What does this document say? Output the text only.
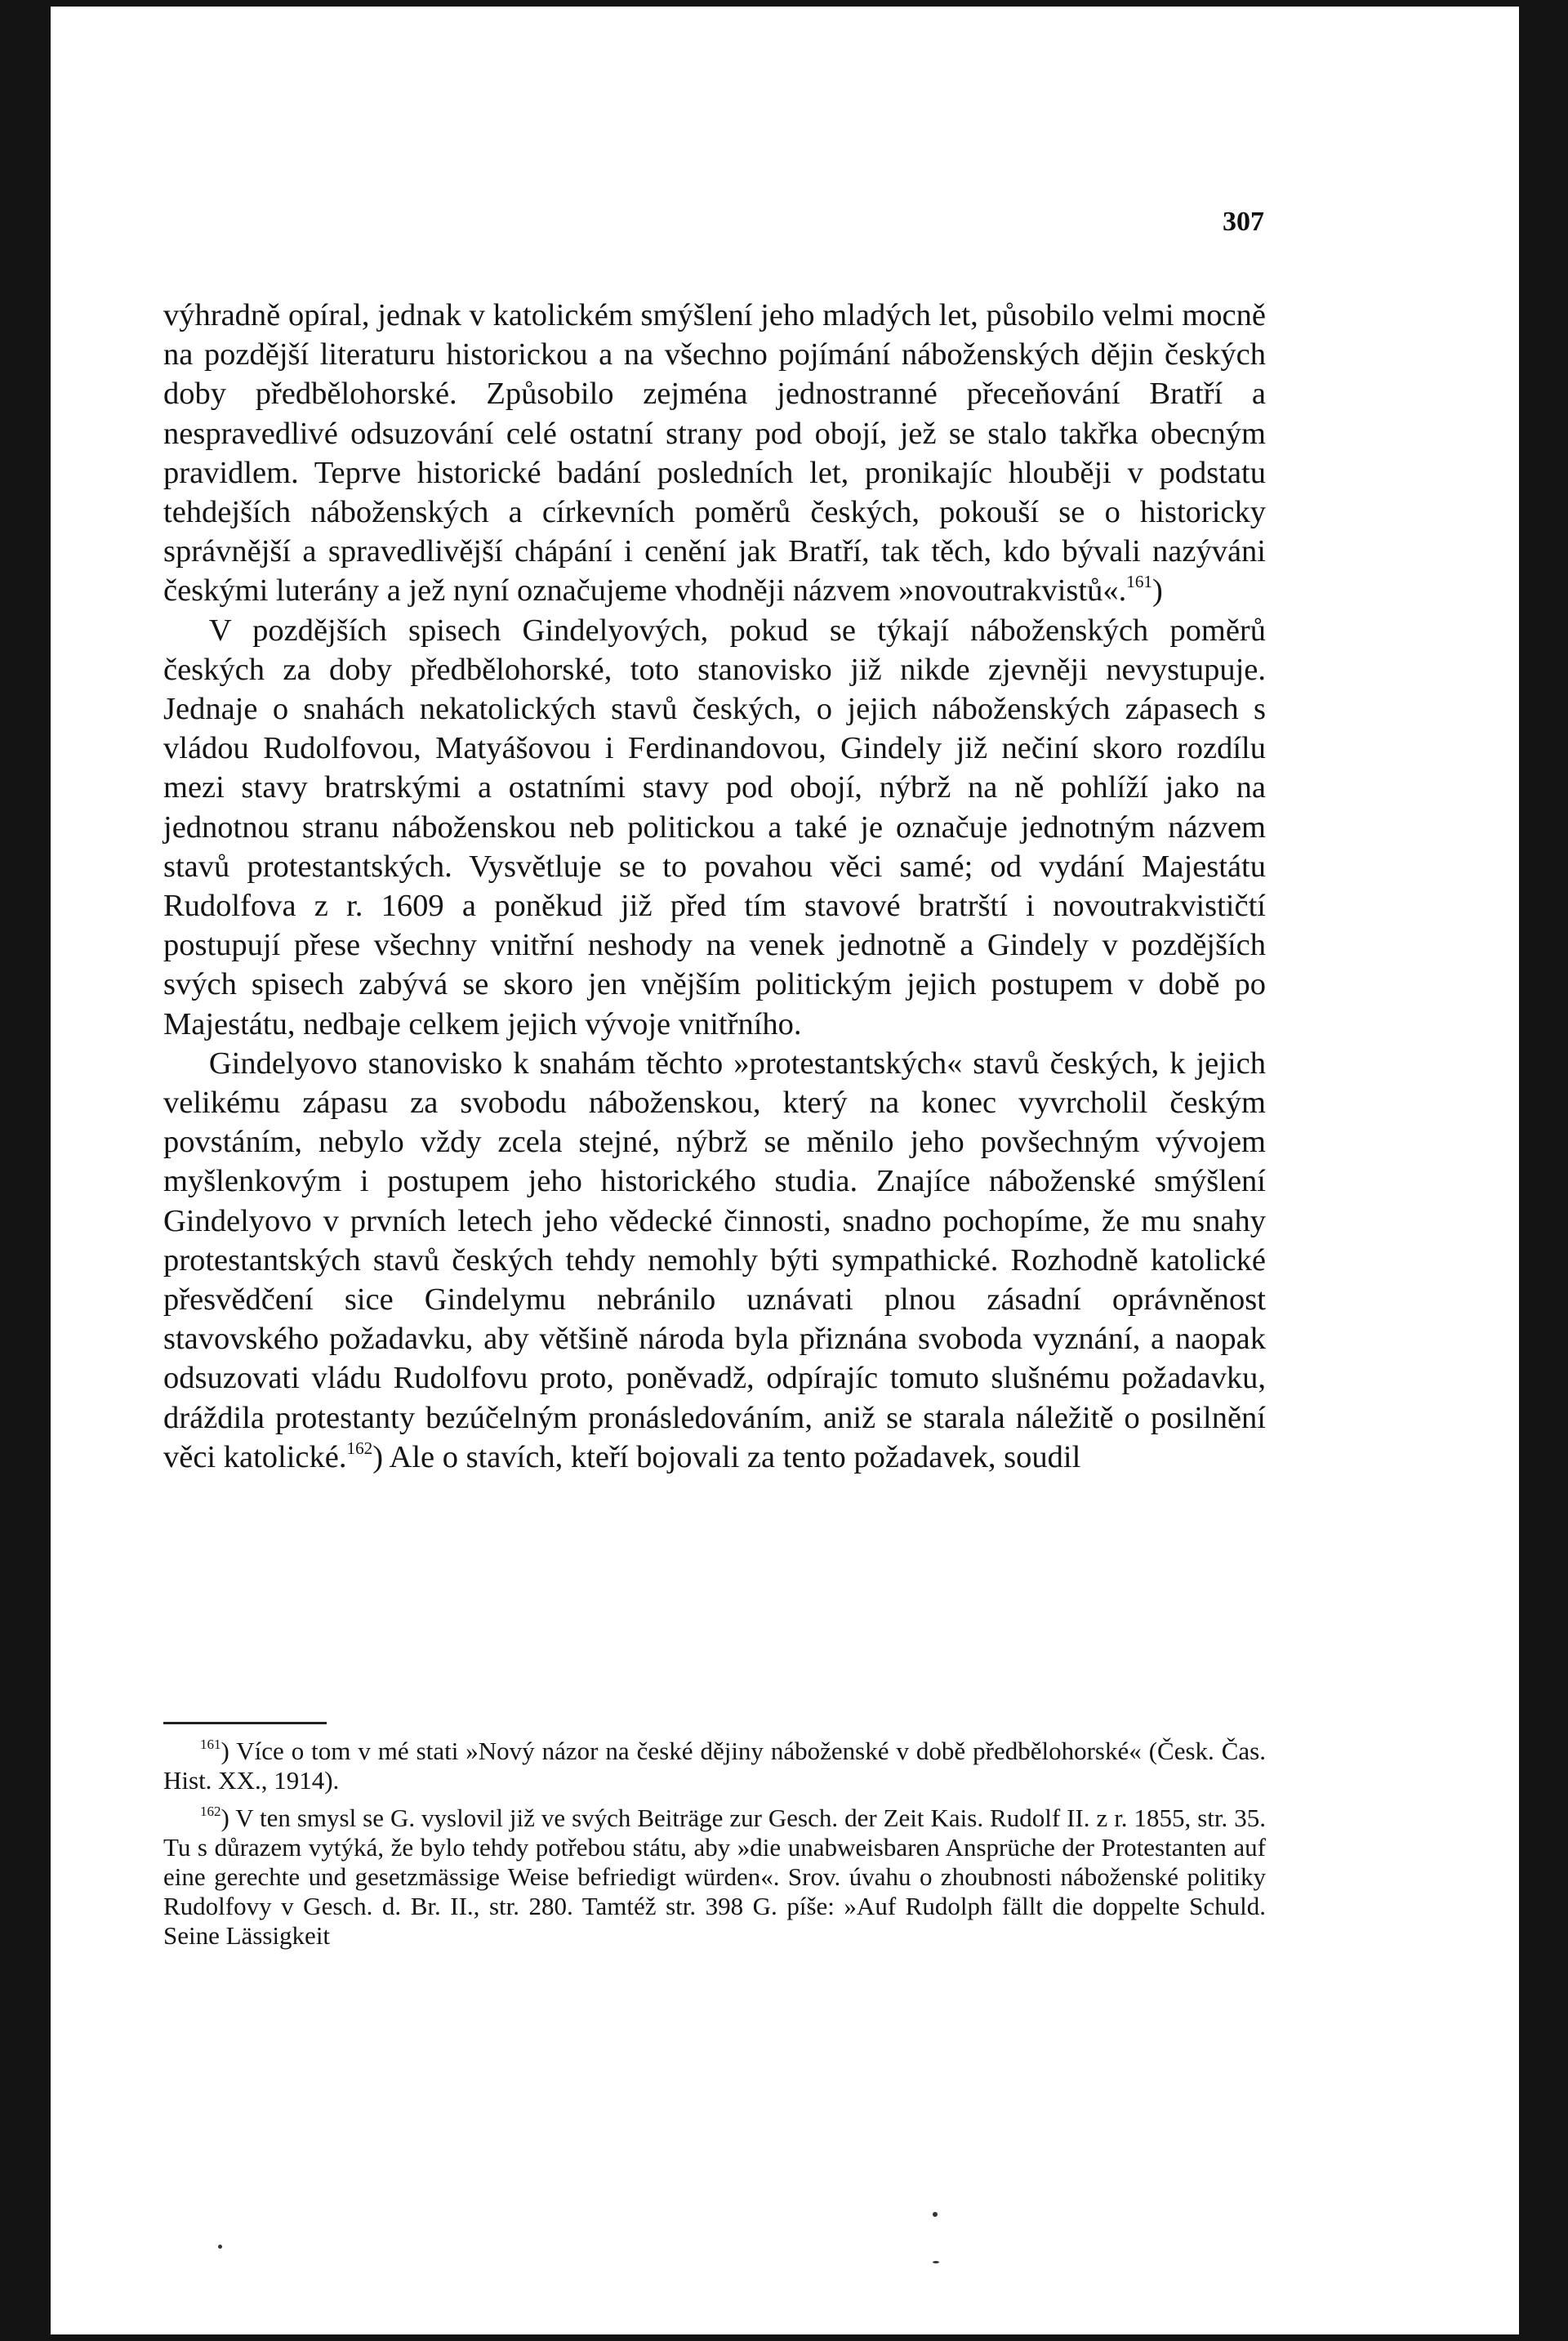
307

výhradně opíral, jednak v katolickém smýšlení jeho mladých let, působilo velmi mocně na pozdější literaturu historickou a na všechno pojímání náboženských dějin českých doby předbělohorské. Způsobilo zejména jednostranné přeceňování Bratří a nespravedlivé odsuzování celé ostatní strany pod obojí, jež se stalo takřka obecným pravidlem. Teprve historické badání posledních let, pronikajíc hlouběji v podstatu tehdejších náboženských a církevních poměrů českých, pokouší se o historicky správnější a spravedlivější chápání i cenění jak Bratří, tak těch, kdo bývali nazýváni českými luterány a jež nyní označujeme vhodněji názvem »novoutrakvistů«.$^{161}$)

V pozdějších spisech Gindelyových, pokud se týkají náboženských poměrů českých za doby předbělohorské, toto stanovisko již nikde zjevněji nevystupuje. Jednaje o snahách nekatolických stavů českých, o jejich náboženských zápasech s vládou Rudolfovou, Matyášovou i Ferdinandovou, Gindely již nečiní skoro rozdílu mezi stavy bratrskými a ostatními stavy pod obojí, nýbrž na ně pohlíží jako na jednotnou stranu náboženskou neb politickou a také je označuje jednotným názvem stavů protestantských. Vysvětluje se to povahou věci samé; od vydání Majestátu Rudolfova z r. 1609 a poněkud již před tím stavové bratrští i novoutrakvističtí postupují přese všechny vnitřní neshody na venek jednotně a Gindely v pozdějších svých spisech zabývá se skoro jen vnějším politickým jejich postupem v době po Majestátu, nedbaje celkem jejich vývoje vnitřního.

Gindelyovo stanovisko k snahám těchto »protestantských« stavů českých, k jejich velikému zápasu za svobodu náboženskou, který na konec vyvrcholil českým povstáním, nebylo vždy zcela stejné, nýbrž se měnilo jeho povšechným vývojem myšlenkovým i postupem jeho historického studia. Znajíce náboženské smýšlení Gindelyovo v prvních letech jeho vědecké činnosti, snadno pochopíme, že mu snahy protestantských stavů českých tehdy nemohly býti sympathické. Rozhodně katolické přesvědčení sice Gindelymu nebránilo uznávati plnou zásadní oprávněnost stavovského požadavku, aby většině národa byla přiznána svoboda vyznání, a naopak odsuzovati vládu Rudolfovu proto, poněvadž, odpírajíc tomuto slušnému požadavku, dráždila protestanty bezúčelným pronásledováním, aniž se starala náležitě o posilnění věci katolické.$^{162}$) Ale o stavích, kteří bojovali za tento požadavek, soudil

$^{161}$) Více o tom v mé stati »Nový názor na české dějiny náboženské v době předbělohorské« (Česk. Čas. Hist. XX., 1914).

$^{162}$) V ten smysl se G. vyslovil již ve svých Beiträge zur Gesch. der Zeit Kais. Rudolf II. z r. 1855, str. 35. Tu s důrazem vytýká, že bylo tehdy potřebou státu, aby »die unabweisbaren Ansprüche der Protestanten auf eine gerechte und gesetzmässige Weise befriedigt würden«. Srov. úvahu o zhoubnosti náboženské politiky Rudolfovy v Gesch. d. Br. II., str. 280. Tamtéž str. 398 G. píše: »Auf Rudolph fällt die doppelte Schuld. Seine Lässigkeit
